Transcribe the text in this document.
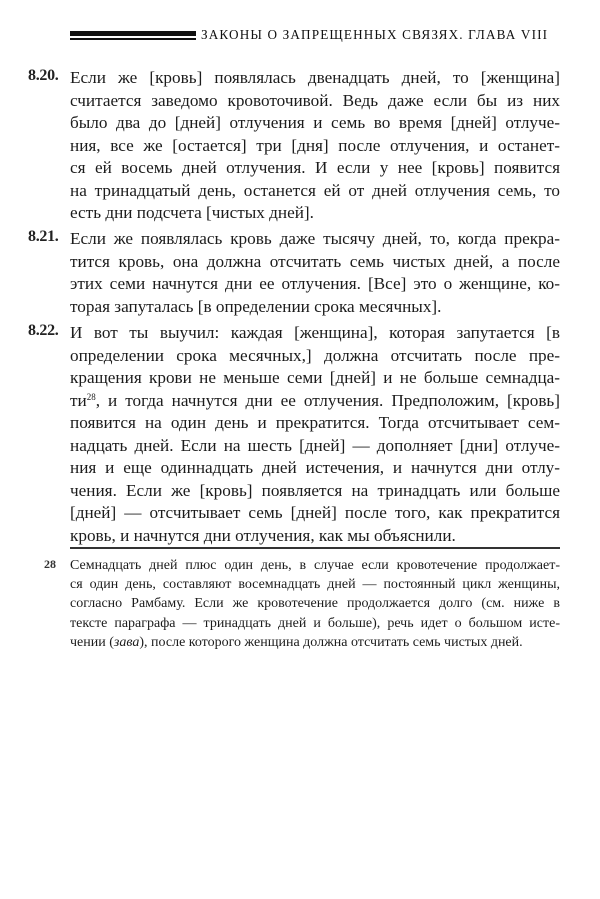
ЗАКОНЫ О ЗАПРЕЩЕННЫХ СВЯЗЯХ. ГЛАВА VIII
8.20. Если же [кровь] появлялась двенадцать дней, то [женщина]
считается заведомо кровоточивой. Ведь даже если бы из них
было два до [дней] отлучения и семь во время [дней] отлуче-
ния, все же [остается] три [дня] после отлучения, и останет-
ся ей восемь дней отлучения. И если у нее [кровь] появится
на тринадцатый день, останется ей от дней отлучения семь, то
есть дни подсчета [чистых дней].
8.21. Если же появлялась кровь даже тысячу дней, то, когда прекра-
тится кровь, она должна отсчитать семь чистых дней, а после
этих семи начнутся дни ее отлучения. [Все] это о женщине, ко-
торая запуталась [в определении срока месячных].
8.22. И вот ты выучил: каждая [женщина], которая запутается [в
определении срока месячных,] должна отсчитать после пре-
кращения крови не меньше семи [дней] и не больше семнадца-
$ти^{28}$, и тогда начнутся дни ее отлучения. Предположим, [кровь]
появится на один день и прекратится. Тогда отсчитывает сем-
надцать дней. Если на шесть [дней] — дополняет [дни] отлуче-
ния и еще одиннадцать дней истечения, и начнутся дни отлу-
чения. Если же [кровь] появляется на тринадцать или больше
[дней] — отсчитывает семь [дней] после того, как прекратится
кровь, и начнутся дни отлучения, как мы объяснили.
28 Семнадцать дней плюс один день, в случае если кровотечение продолжает-
ся один день, составляют восемнадцать дней — постоянный цикл женщины,
согласно Рамбаму. Если же кровотечение продолжается долго (см. ниже в
тексте параграфа — тринадцать дней и больше), речь идет о большом исте-
чении (зава), после которого женщина должна отсчитать семь чистых дней.
